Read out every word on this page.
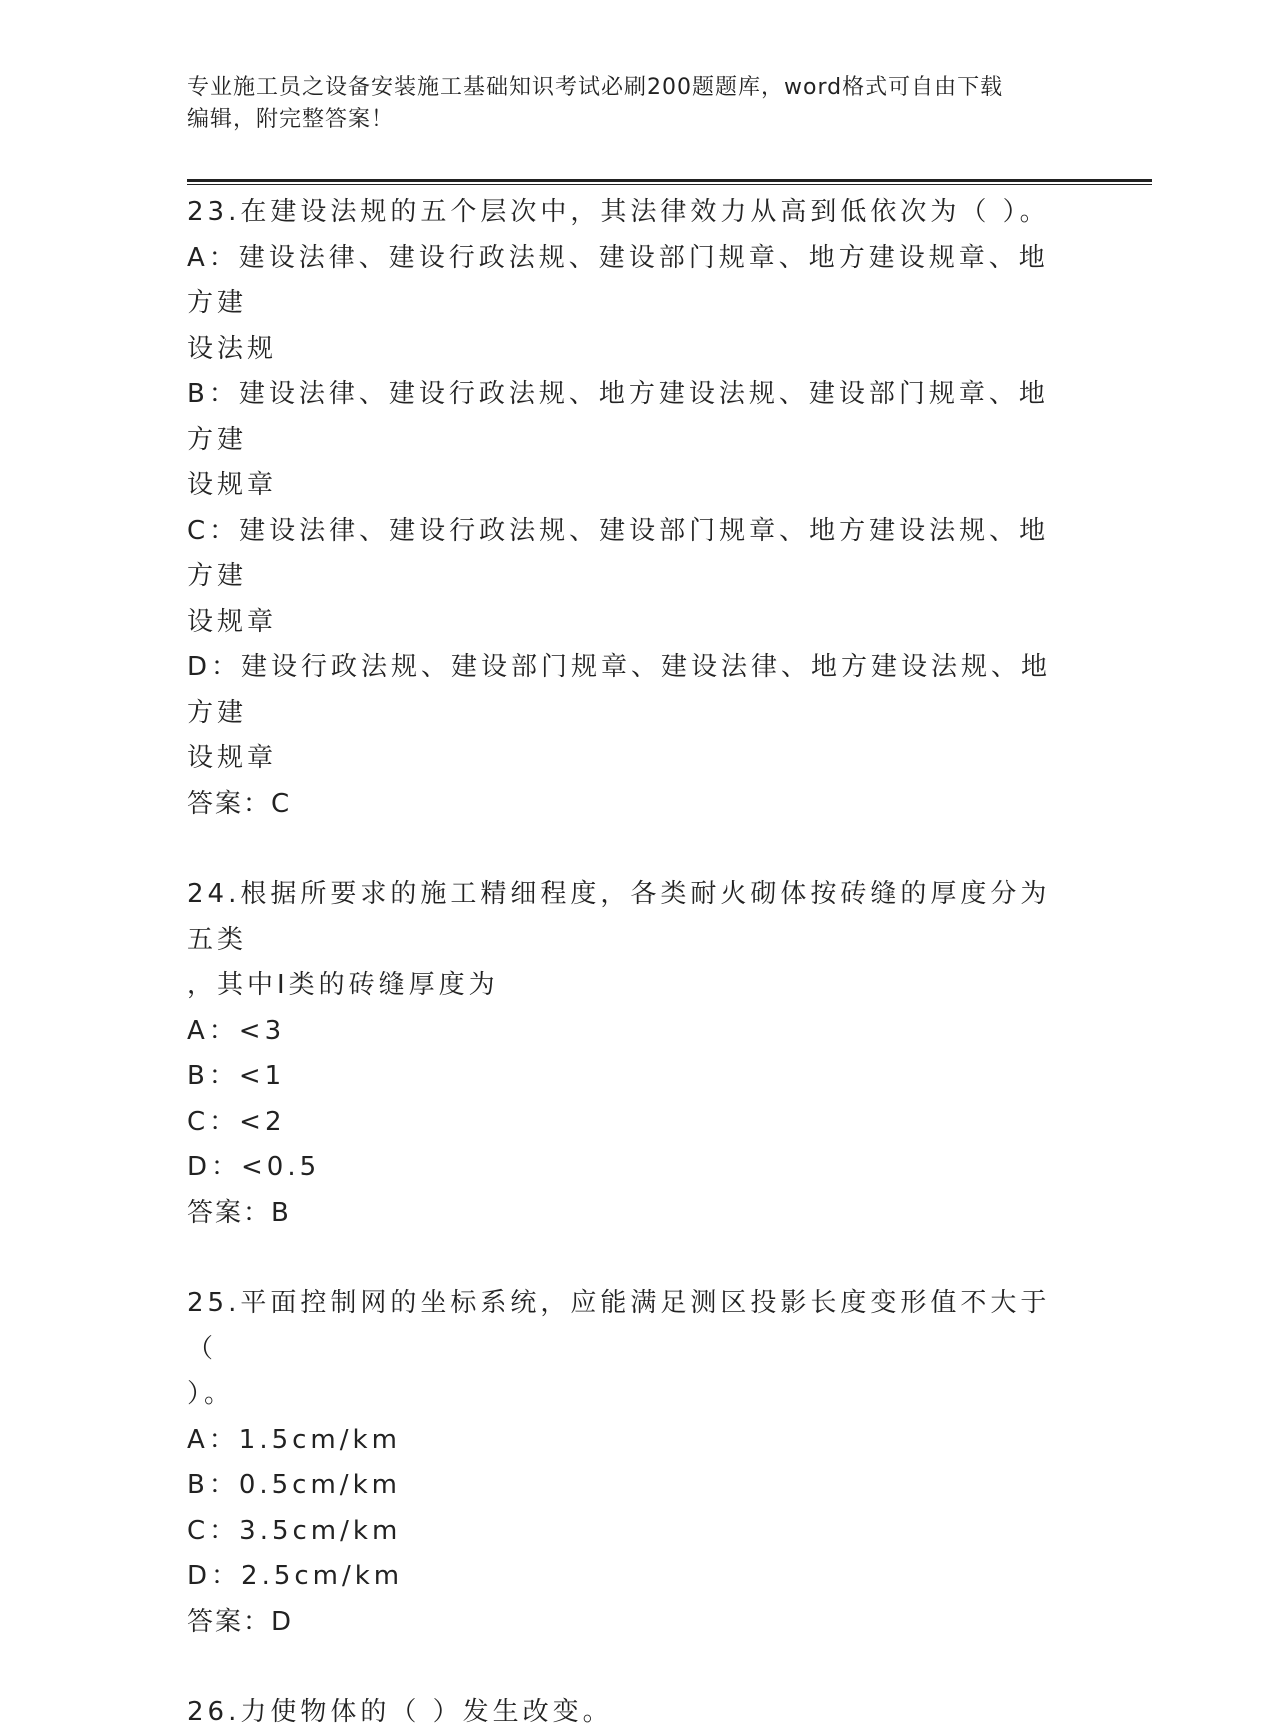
专业施工员之设备安装施工基础知识考试必刷200题题库，word格式可自由下载

编辑，附完整答案！

23.在建设法规的五个层次中，其法律效力从高到低依次为（ ）。

A：建设法律、建设行政法规、建设部门规章、地方建设规章、地方建

设法规

B：建设法律、建设行政法规、地方建设法规、建设部门规章、地方建

设规章

C：建设法律、建设行政法规、建设部门规章、地方建设法规、地方建

设规章

D：建设行政法规、建设部门规章、建设法律、地方建设法规、地方建

设规章

答案：C

24.根据所要求的施工精细程度，各类耐火砌体按砖缝的厚度分为五类

，其中Ⅰ类的砖缝厚度为

A：<3

B：<1

C：<2

D：<0.5

答案：B

25.平面控制网的坐标系统，应能满足测区投影长度变形值不大于（

）。

A：1.5cm/km

B：0.5cm/km

C：3.5cm/km

D：2.5cm/km

答案：D

26.力使物体的（ ）发生改变。
